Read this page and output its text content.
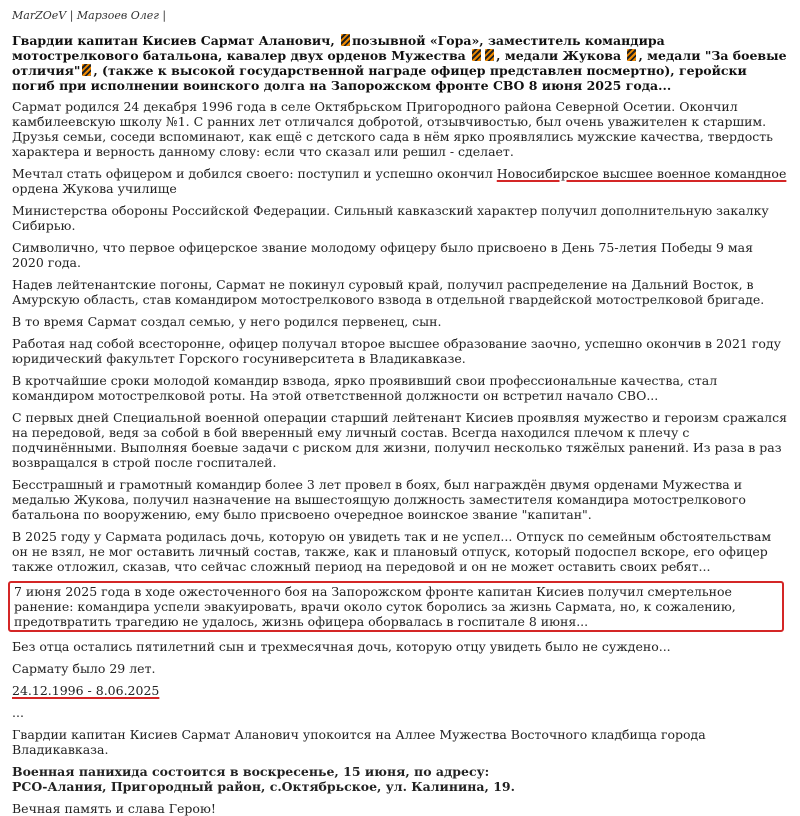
MarZOeV | Марзоев Олег |
Гвардии капитан Кисиев Сармат Аланович, позывной «Гора», заместитель командира мотострелкового батальона, кавалер двух орденов Мужества , медали Жукова , медали "За боевые отличия" , (также к высокой государственной награде офицер представлен посмертно), геройски погиб при исполнении воинского долга на Запорожском фронте СВО 8 июня 2025 года...

Сармат родился 24 декабря 1996 года в селе Октябрьском Пригородного района Северной Осетии. Окончил камбилеевскую школу №1. С ранних лет отличался добротой, отзывчивостью, был очень уважителен к старшим. Друзья семьи, соседи вспоминают, как ещё с детского сада в нём ярко проявлялись мужские качества, твердость характера и верность данному слову: если что сказал или решил - сделает.

Мечтал стать офицером и добился своего: поступил и успешно окончил Новосибирское высшее военное командное ордена Жукова училище

Министерства обороны Российской Федерации. Сильный кавказский характер получил дополнительную закалку Сибирью.

Символично, что первое офицерское звание молодому офицеру было присвоено в День 75-летия Победы 9 мая 2020 года.

Надев лейтенантские погоны, Сармат не покинул суровый край, получил распределение на Дальний Восток, в Амурскую область, став командиром мотострелкового взвода в отдельной гвардейской мотострелковой бригаде.

В то время Сармат создал семью, у него родился первенец, сын.

Работая над собой всесторонне, офицер получал второе высшее образование заочно, успешно окончив в 2021 году юридический факультет Горского госуниверситета в Владикавказе.

В кротчайшие сроки молодой командир взвода, ярко проявивший свои профессиональные качества, стал командиром мотострелковой роты. На этой ответственной должности он встретил начало СВО...

С первых дней Специальной военной операции старший лейтенант Кисиев проявляя мужество и героизм сражался на передовой, ведя за собой в бой вверенный ему личный состав. Всегда находился плечом к плечу с подчинёнными. Выполняя боевые задачи с риском для жизни, получил несколько тяжёлых ранений. Из раза в раз возвращался в строй после госпиталей.

Бесстрашный и грамотный командир более 3 лет провел в боях, был награждён двумя орденами Мужества и медалью Жукова, получил назначение на вышестоящую должность заместителя командира мотострелкового батальона по вооружению, ему было присвоено очередное воинское звание "капитан".

В 2025 году у Сармата родилась дочь, которую он увидеть так и не успел... Отпуск по семейным обстоятельствам он не взял, не мог оставить личный состав, также, как и плановый отпуск, который подоспел вскоре, его офицер также отложил, сказав, что сейчас сложный период на передовой и он не может оставить своих ребят...

7 июня 2025 года в ходе ожесточенного боя на Запорожском фронте капитан Кисиев получил смертельное ранение: командира успели эвакуировать, врачи около суток боролись за жизнь Сармата, но, к сожалению, предотвратить трагедию не удалось, жизнь офицера оборвалась в госпитале 8 июня...

Без отца остались пятилетний сын и трехмесячная дочь, которую отцу увидеть было не суждено...

Сармату было 29 лет.

24.12.1996 - 8.06.2025

...

Гвардии капитан Кисиев Сармат Аланович упокоится на Аллее Мужества Восточного кладбища города Владикавказа.

Военная панихида состоится в воскресенье, 15 июня, по адресу:
РСО-Алания, Пригородный район, с.Октябрьское, ул. Калинина, 19.

Вечная память и слава Герою!
